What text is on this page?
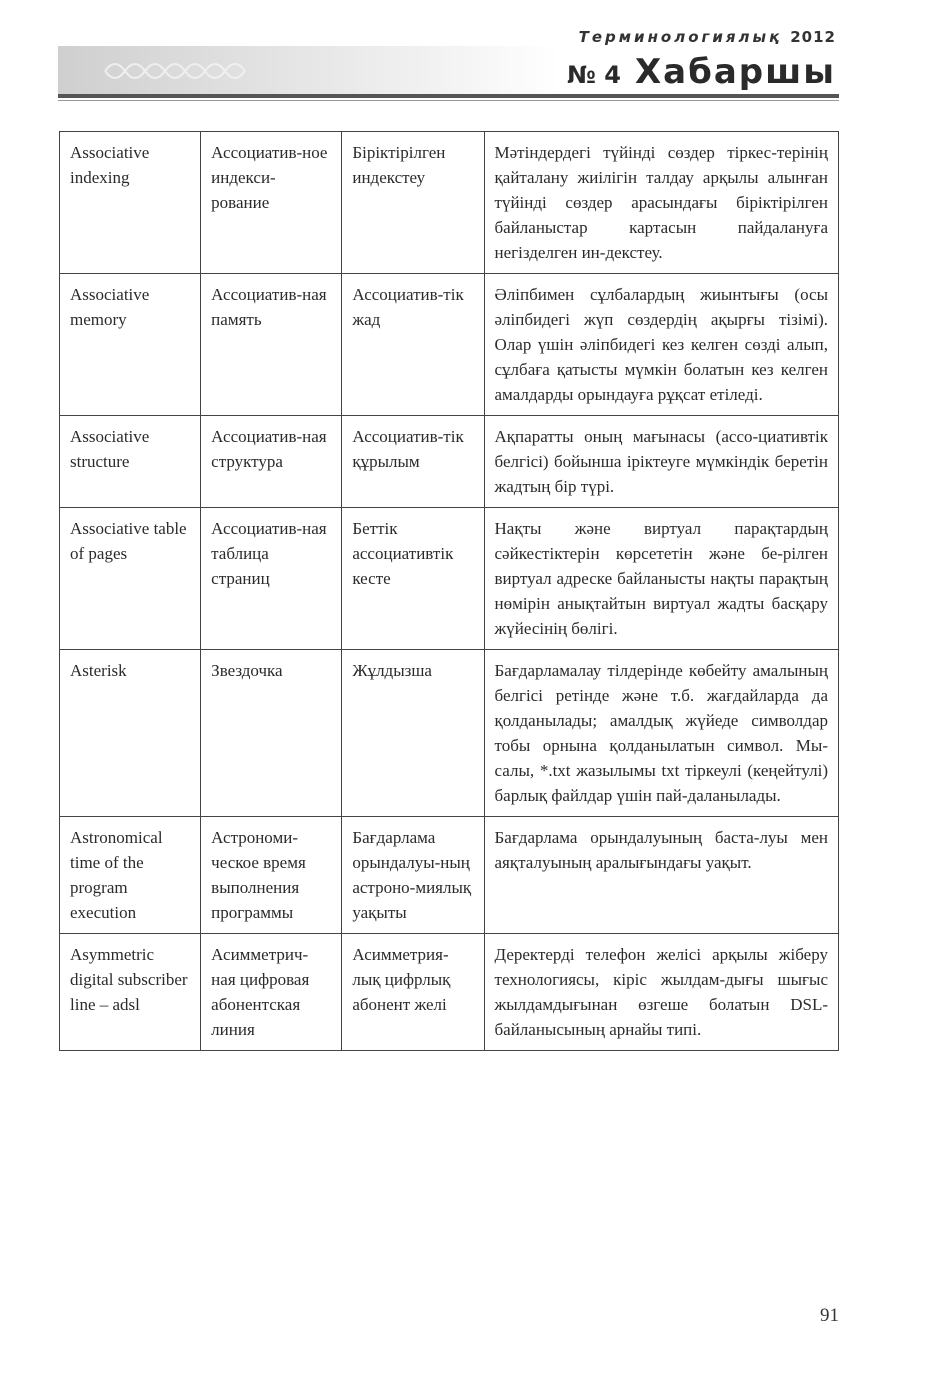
Терминологиялық 2012
№ 4 Хабаршы
Associative indexing	Ассоциатив-ное индекси-рование	Біріктірілген индекстеу	Мәтіндердегі түйінді сөздер тіркес-терінің қайталану жиілігін талдау арқылы алынған түйінді сөздер арасындағы біріктірілген байланыстар картасын пайдалануға негізделген ин-декстеу.
Associative memory	Ассоциатив-ная память	Ассоциатив-тік жад	Әліпбимен сұлбалардың жиынтығы (осы әліпбидегі жүп сөздердің ақырғы тізімі). Олар үшін әліпбидегі кез келген сөзді алып, сұлбаға қатысты мүмкін болатын кез келген амалдарды орындауға рұқсат етіледі.
Associative structure	Ассоциатив-ная структура	Ассоциатив-тік құрылым	Ақпаратты оның мағынасы (ассо-циативтік белгісі) бойынша іріктеуге мүмкіндік беретін жадтың бір түрі.
Associative table of pages	Ассоциатив-ная таблица страниц	Беттік ассоциативтік кесте	Нақты және виртуал парақтардың сәйкестіктерін көрсететін және бе-рілген виртуал адреске байланысты нақты парақтың нөмірін анықтайтын виртуал жадты басқару жүйесінің бөлігі.
Asterisk	Звездочка	Жұлдызша	Бағдарламалау тілдерінде көбейту амалының белгісі ретінде және т.б. жағдайларда да қолданылады; амалдық жүйеде символдар тобы орнына қолданылатын символ. Мы-салы, *.txt жазылымы txt тіркеулі (кеңейтулі) барлық файлдар үшін пай-даланылады.
Astronomical time of the program execution	Астрономи-ческое время выполнения программы	Бағдарлама орындалуы-ның астроно-миялық уақыты	Бағдарлама орындалуының баста-луы мен аяқталуының аралығындағы уақыт.
Asymmetric digital subscriber line – adsl	Асимметрич-ная цифровая абонентская линия	Асимметрия-лық цифрлық абонент желі	Деректерді телефон желісі арқылы жіберу технологиясы, кіріс жылдам-дығы шығыс жылдамдығынан өзгеше болатын DSL-байланысының арнайы типі.
91
